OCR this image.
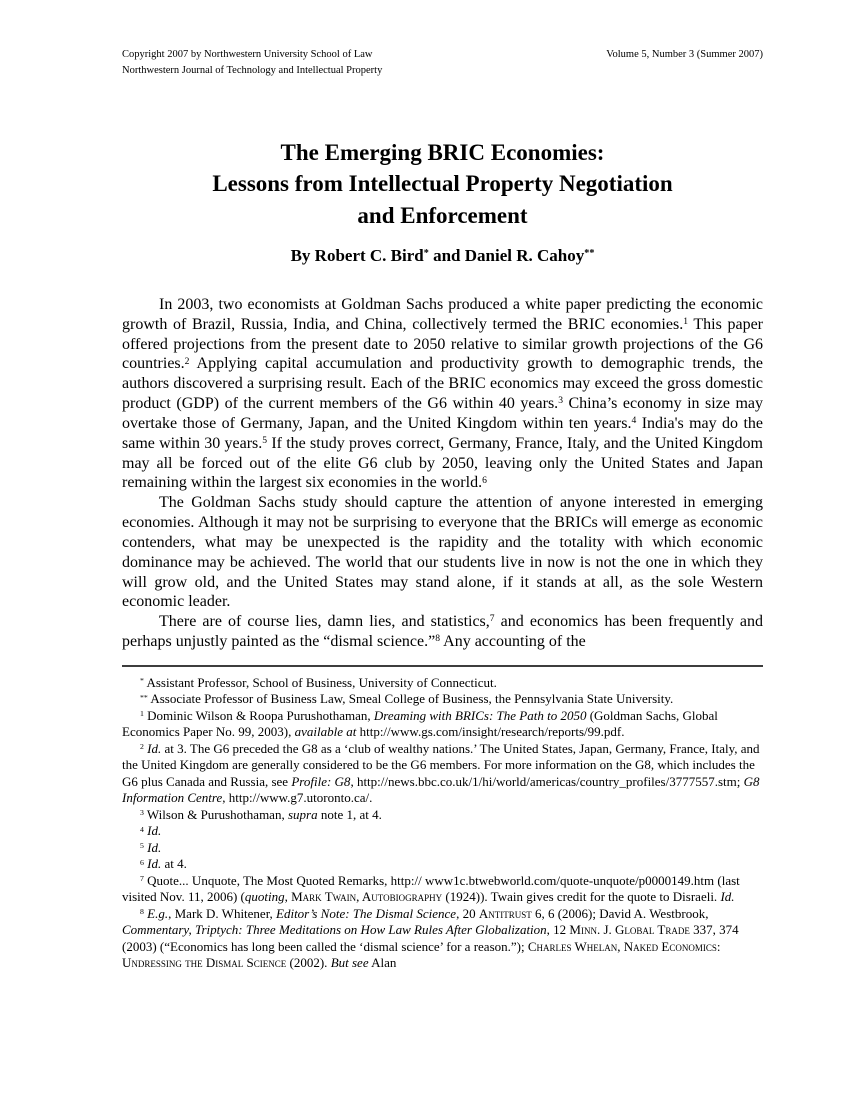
Copyright 2007 by Northwestern University School of Law
Northwestern Journal of Technology and Intellectual Property
Volume 5, Number 3 (Summer 2007)
The Emerging BRIC Economies:
Lessons from Intellectual Property Negotiation
and Enforcement
By Robert C. Bird* and Daniel R. Cahoy**

In 2003, two economists at Goldman Sachs produced a white paper predicting the economic growth of Brazil, Russia, India, and China, collectively termed the BRIC economies.$^1$ This paper offered projections from the present date to 2050 relative to similar growth projections of the G6 countries.$^2$ Applying capital accumulation and productivity growth to demographic trends, the authors discovered a surprising result. Each of the BRIC economics may exceed the gross domestic product (GDP) of the current members of the G6 within 40 years.$^3$ China’s economy in size may overtake those of Germany, Japan, and the United Kingdom within ten years.$^4$ India's may do the same within 30 years.$^5$ If the study proves correct, Germany, France, Italy, and the United Kingdom may all be forced out of the elite G6 club by 2050, leaving only the United States and Japan remaining within the largest six economies in the world.$^6$

The Goldman Sachs study should capture the attention of anyone interested in emerging economies. Although it may not be surprising to everyone that the BRICs will emerge as economic contenders, what may be unexpected is the rapidity and the totality with which economic dominance may be achieved. The world that our students live in now is not the one in which they will grow old, and the United States may stand alone, if it stands at all, as the sole Western economic leader.

There are of course lies, damn lies, and statistics,$^7$ and economics has been frequently and perhaps unjustly painted as the “dismal science.”$^8$ Any accounting of the

* Assistant Professor, School of Business, University of Connecticut.

** Associate Professor of Business Law, Smeal College of Business, the Pennsylvania State University.

$^1$ Dominic Wilson & Roopa Purushothaman, Dreaming with BRICs: The Path to 2050 (Goldman Sachs, Global Economics Paper No. 99, 2003), available at http://www.gs.com/insight/research/reports/99.pdf.

$^2$ Id. at 3. The G6 preceded the G8 as a ‘club of wealthy nations.’ The United States, Japan, Germany, France, Italy, and the United Kingdom are generally considered to be the G6 members. For more information on the G8, which includes the G6 plus Canada and Russia, see Profile: G8, http://news.bbc.co.uk/1/hi/world/americas/country_profiles/3777557.stm; G8 Information Centre, http://www.g7.utoronto.ca/.

$^3$ Wilson & Purushothaman, supra note 1, at 4.

$^4$ Id.

$^5$ Id.

$^6$ Id. at 4.

$^7$ Quote... Unquote, The Most Quoted Remarks, http:// www1c.btwebworld.com/quote-unquote/p0000149.htm (last visited Nov. 11, 2006) (quoting, Mark Twain, Autobiography (1924)). Twain gives credit for the quote to Disraeli. Id.

$^8$ E.g., Mark D. Whitener, Editor’s Note: The Dismal Science, 20 Antitrust 6, 6 (2006); David A. Westbrook, Commentary, Triptych: Three Meditations on How Law Rules After Globalization, 12 Minn. J. Global Trade 337, 374 (2003) (“Economics has long been called the ‘dismal science’ for a reason.”); Charles Whelan, Naked Economics: Undressing the Dismal Science (2002). But see Alan
